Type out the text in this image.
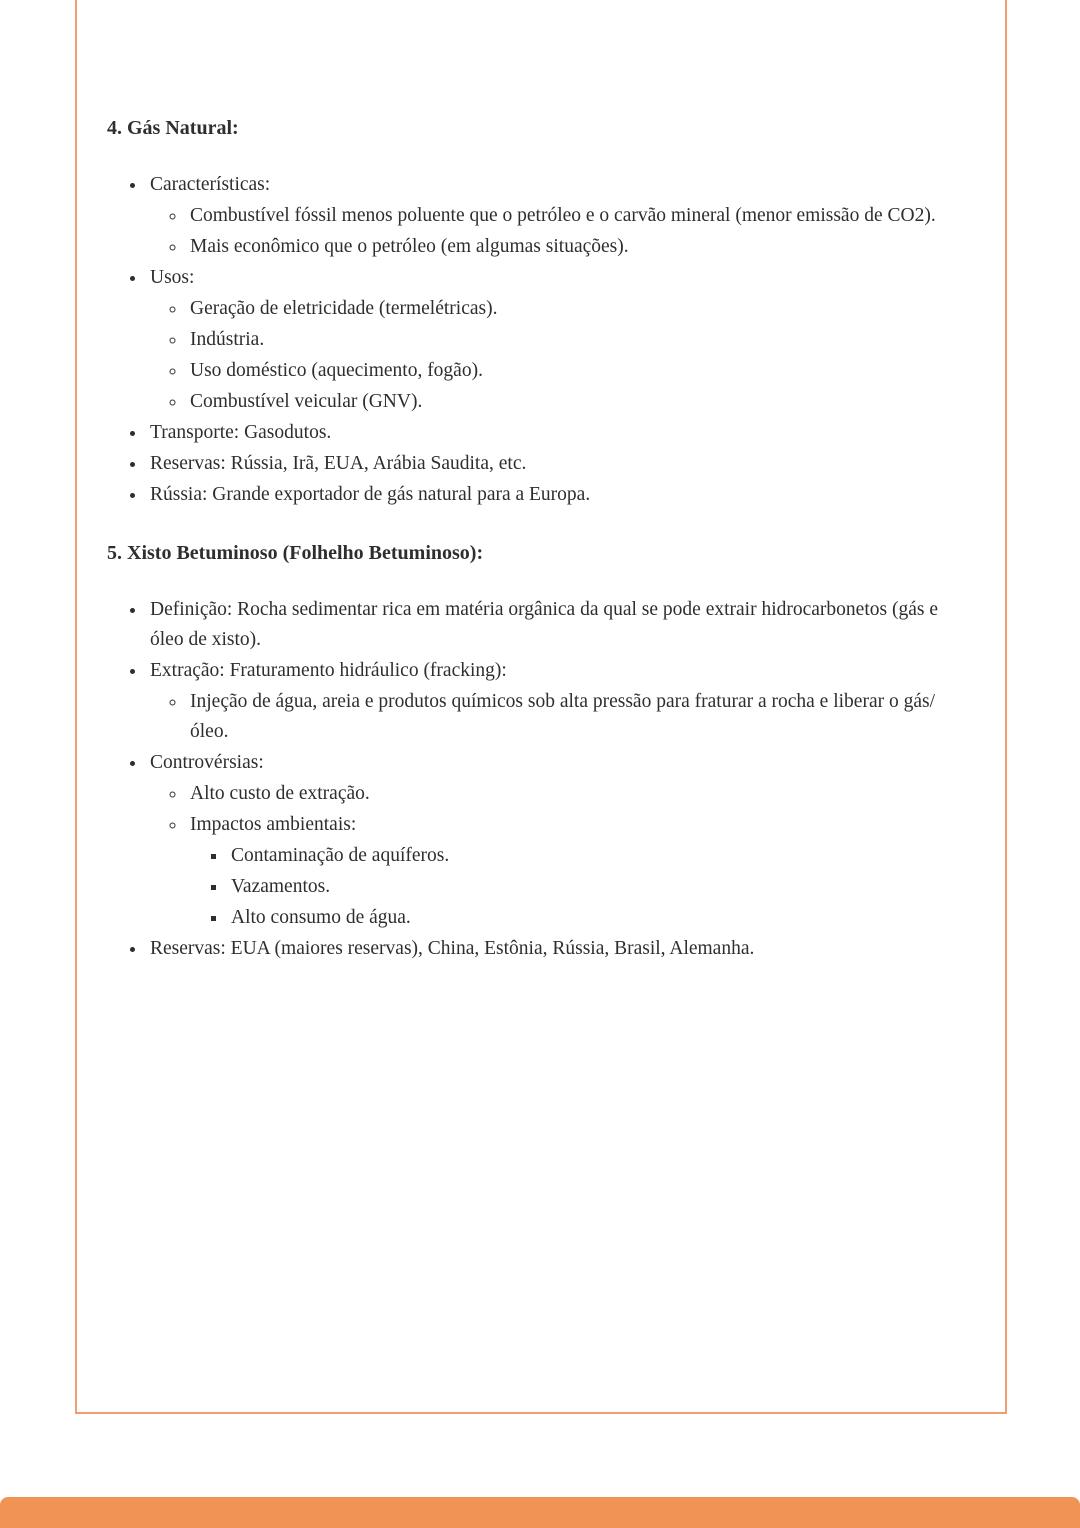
4. Gás Natural:
• Características:
◦ Combustível fóssil menos poluente que o petróleo e o carvão mineral (menor emissão de CO2).
◦ Mais econômico que o petróleo (em algumas situações).
• Usos:
◦ Geração de eletricidade (termelétricas).
◦ Indústria.
◦ Uso doméstico (aquecimento, fogão).
◦ Combustível veicular (GNV).
• Transporte: Gasodutos.
• Reservas: Rússia, Irã, EUA, Arábia Saudita, etc.
• Rússia: Grande exportador de gás natural para a Europa.
5. Xisto Betuminoso (Folhelho Betuminoso):
• Definição: Rocha sedimentar rica em matéria orgânica da qual se pode extrair hidrocarbonetos (gás e óleo de xisto).
• Extração: Fraturamento hidráulico (fracking):
◦ Injeção de água, areia e produtos químicos sob alta pressão para fraturar a rocha e liberar o gás/óleo.
• Controvérsias:
◦ Alto custo de extração.
◦ Impactos ambientais:
▪ Contaminação de aquíferos.
▪ Vazamentos.
▪ Alto consumo de água.
• Reservas: EUA (maiores reservas), China, Estônia, Rússia, Brasil, Alemanha.
